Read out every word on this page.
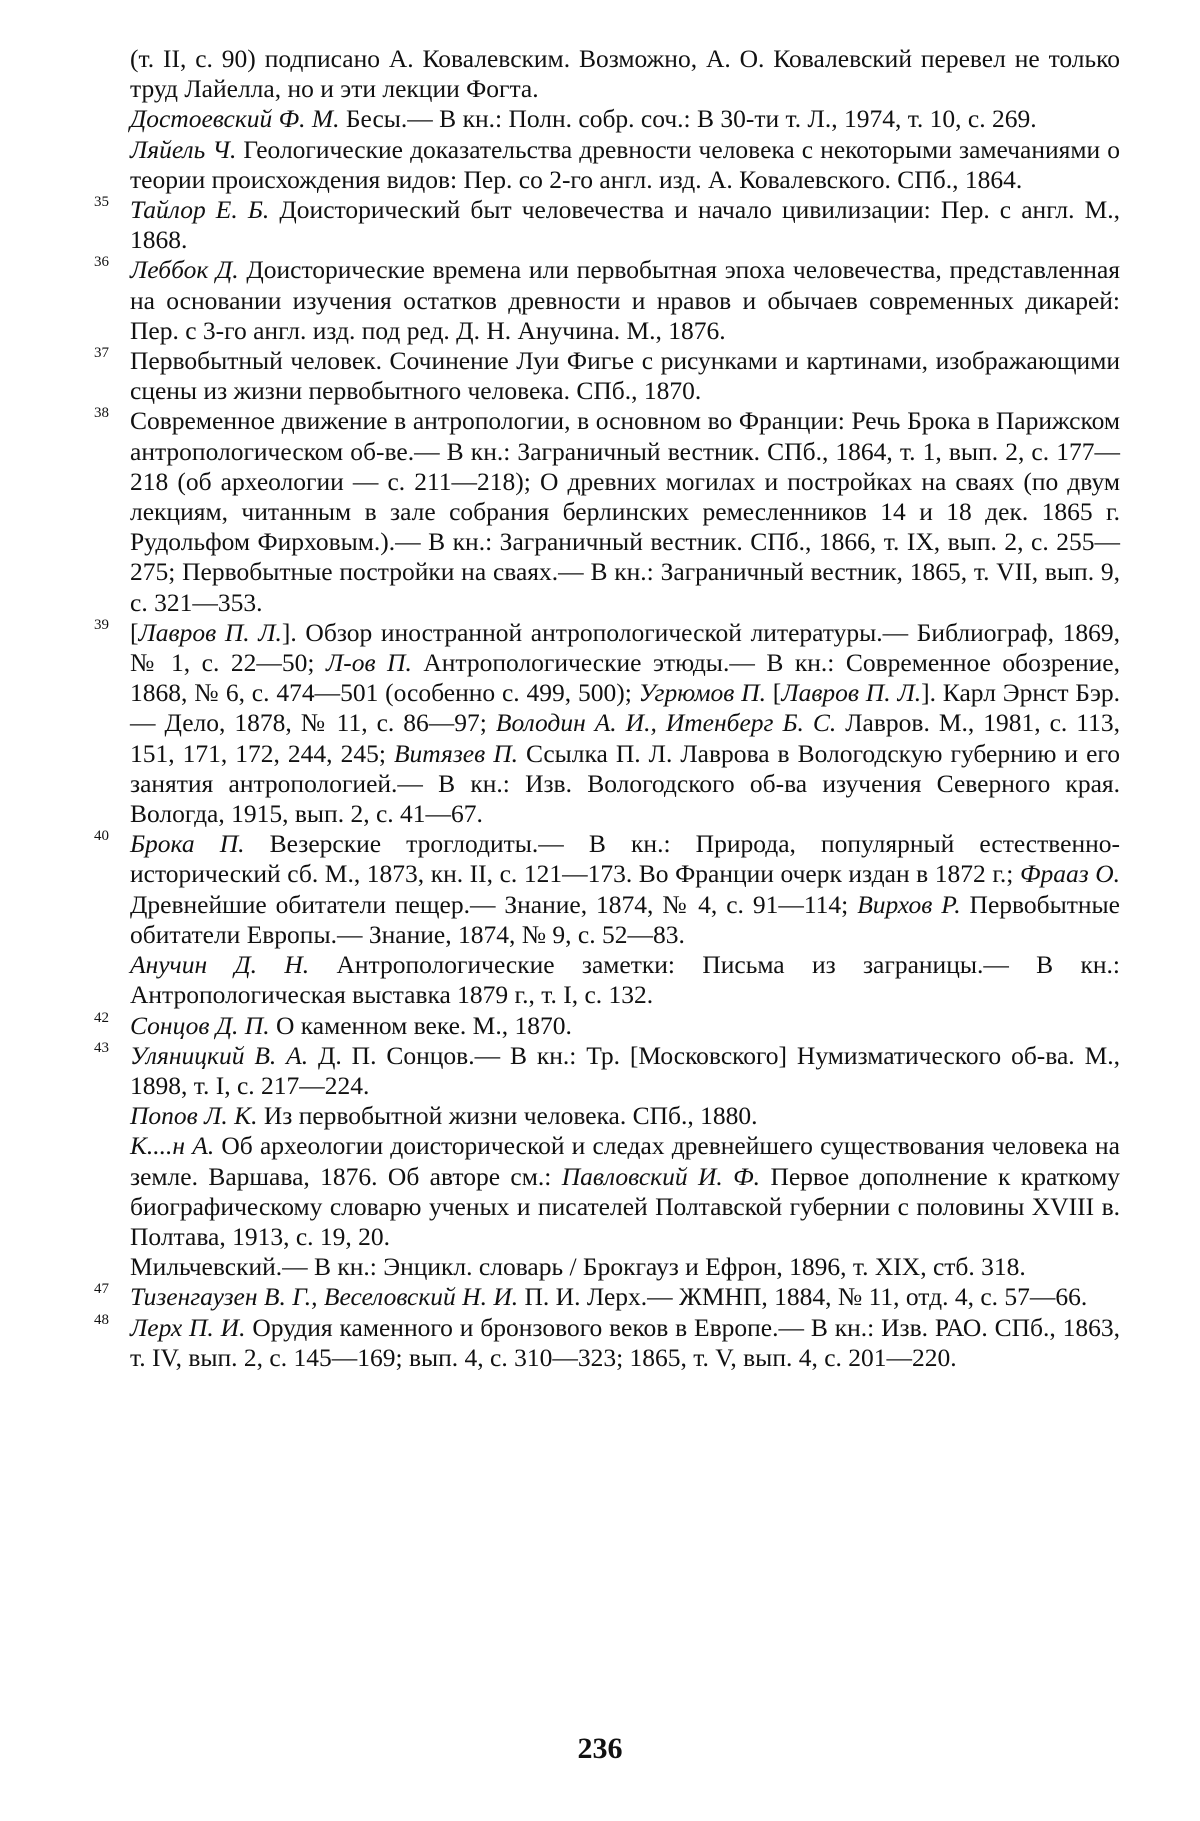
(т. II, с. 90) подписано А. Ковалевским. Возможно, А. О. Ковалевский перевел не только труд Лайелла, но и эти лекции Фогта.
Достоевский Ф. М. Бесы.— В кн.: Полн. собр. соч.: В 30-ти т. Л., 1974, т. 10, с. 269.
Ляйель Ч. Геологические доказательства древности человека с некоторыми замечаниями о теории происхождения видов: Пер. со 2-го англ. изд. А. Ковалевского. СПб., 1864.
35 Тайлор Е. Б. Доисторический быт человечества и начало цивилизации: Пер. с англ. М., 1868.
36 Леббок Д. Доисторические времена или первобытная эпоха человечества, представленная на основании изучения остатков древности и нравов и обычаев современных дикарей: Пер. с 3-го англ. изд. под ред. Д. Н. Анучина. М., 1876.
37 Первобытный человек. Сочинение Луи Фигье с рисунками и картинами, изображающими сцены из жизни первобытного человека. СПб., 1870.
38 Современное движение в антропологии, в основном во Франции: Речь Брока в Парижском антропологическом об-ве.— В кн.: Заграничный вестник. СПб., 1864, т. 1, вып. 2, с. 177—218 (об археологии — с. 211—218); О древних могилах и постройках на сваях (по двум лекциям, читанным в зале собрания берлинских ремесленников 14 и 18 дек. 1865 г. Рудольфом Фирховым.).— В кн.: Заграничный вестник. СПб., 1866, т. IX, вып. 2, с. 255—275; Первобытные постройки на сваях.— В кн.: Заграничный вестник, 1865, т. VII, вып. 9, с. 321—353.
39 [Лавров П. Л.]. Обзор иностранной антропологической литературы.— Библиограф, 1869, № 1, с. 22—50; Л-ов П. Антропологические этюды.— В кн.: Современное обозрение, 1868, № 6, с. 474—501 (особенно с. 499, 500); Угрюмов П. [Лавров П. Л.]. Карл Эрнст Бэр.— Дело, 1878, № 11, с. 86—97; Володин А. И., Итенберг Б. С. Лавров. М., 1981, с. 113, 151, 171, 172, 244, 245; Витязев П. Ссылка П. Л. Лаврова в Вологодскую губернию и его занятия антропологией.— В кн.: Изв. Вологодского об-ва изучения Северного края. Вологда, 1915, вып. 2, с. 41—67.
40 Брока П. Везерские троглодиты.— В кн.: Природа, популярный естественно-исторический сб. М., 1873, кн. II, с. 121—173. Во Франции очерк издан в 1872 г.; Фрааз О. Древнейшие обитатели пещер.— Знание, 1874, № 4, с. 91—114; Вирхов Р. Первобытные обитатели Европы.— Знание, 1874, № 9, с. 52—83.
Анучин Д. Н. Антропологические заметки: Письма из заграницы.— В кн.: Антропологическая выставка 1879 г., т. I, с. 132.
42 Сонцов Д. П. О каменном веке. М., 1870.
43 Уляницкий В. А. Д. П. Сонцов.— В кн.: Тр. [Московского] Нумизматического об-ва. М., 1898, т. I, с. 217—224.
Попов Л. К. Из первобытной жизни человека. СПб., 1880.
К....н А. Об археологии доисторической и следах древнейшего существования человека на земле. Варшава, 1876. Об авторе см.: Павловский И. Ф. Первое дополнение к краткому биографическому словарю ученых и писателей Полтавской губернии с половины XVIII в. Полтава, 1913, с. 19, 20.
Мильчевский.— В кн.: Энцикл. словарь / Брокгауз и Ефрон, 1896, т. XIX, стб. 318.
47 Тизенгаузен В. Г., Веселовский Н. И. П. И. Лерх.— ЖМНП, 1884, № 11, отд. 4, с. 57—66.
48 Лерх П. И. Орудия каменного и бронзового веков в Европе.— В кн.: Изв. РАО. СПб., 1863, т. IV, вып. 2, с. 145—169; вып. 4, с. 310—323; 1865, т. V, вып. 4, с. 201—220.
236
